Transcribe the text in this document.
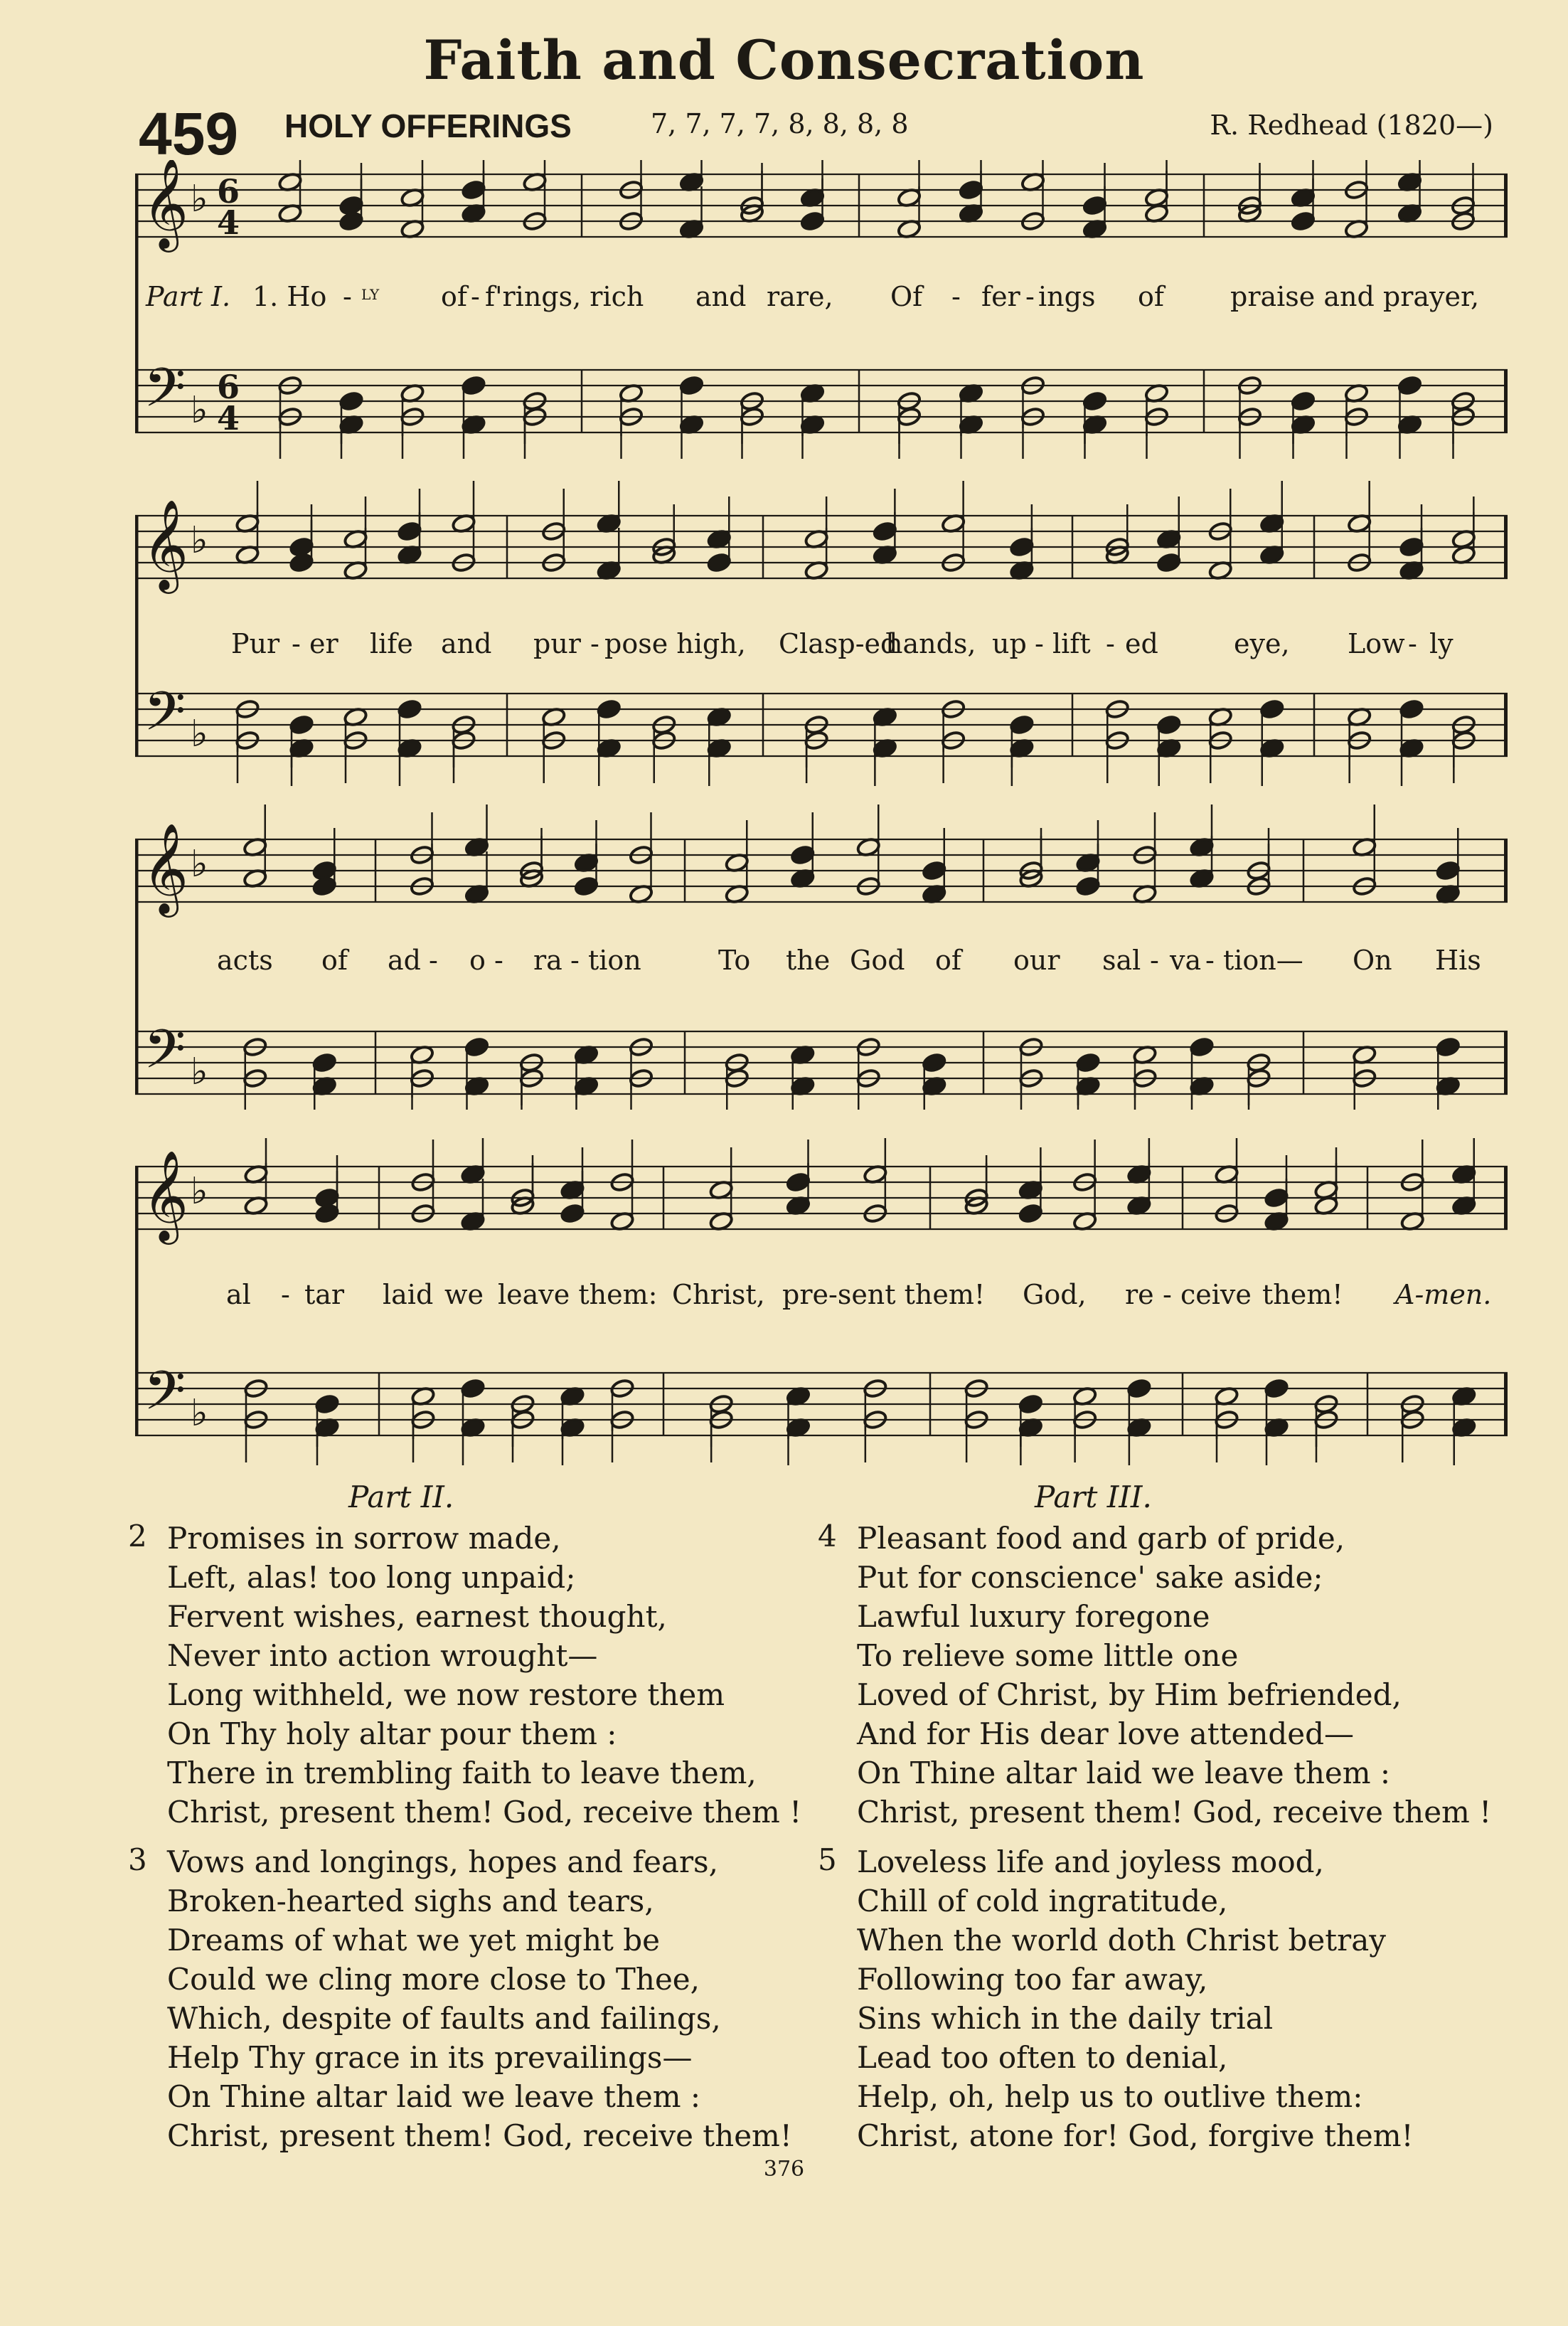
Faith and Consecration
459 HOLY OFFERINGS	7, 7, 7, 7, 8, 8, 8, 8	R. Redhead (1820—)
𝄞
𝄢
♭
♭
6
4
6
4
Part I. 1. Ho - ly of - f'rings, rich and rare, Of - fer - ings of praise and prayer,
𝄞
𝄢
♭
♭
Pur - er life and pur - pose high, Clasp-ed
hands, up - lift - ed	eye, Low - ly
𝄞
𝄢
♭
♭
acts of ad - o - ra - tion	To the God of our sal - va - tion— On His
𝄞
𝄢
♭
♭
al - tar laid we leave them: Christ, pre-sent them! God, re - ceive them! A-men.
Part II.	Part III.
2 Promises in sorrow made,
Left, alas! too long unpaid;
Fervent wishes, earnest thought,
Never into action wrought—
Long withheld, we now restore them
On Thy holy altar pour them :
There in trembling faith to leave them,
Christ, present them! God, receive them !
3 Vows and longings, hopes and fears,
Broken-hearted sighs and tears,
Dreams of what we yet might be
Could we cling more close to Thee,
Which, despite of faults and failings,
Help Thy grace in its prevailings—
On Thine altar laid we leave them :
Christ, present them! God, receive them!
4 Pleasant food and garb of pride,
Put for conscience' sake aside;
Lawful luxury foregone
To relieve some little one
Loved of Christ, by Him befriended,
And for His dear love attended—
On Thine altar laid we leave them :
Christ, present them! God, receive them !
5 Loveless life and joyless mood,
Chill of cold ingratitude,
When the world doth Christ betray
Following too far away,
Sins which in the daily trial
Lead too often to denial,
Help, oh, help us to outlive them:
Christ, atone for! God, forgive them!
376
